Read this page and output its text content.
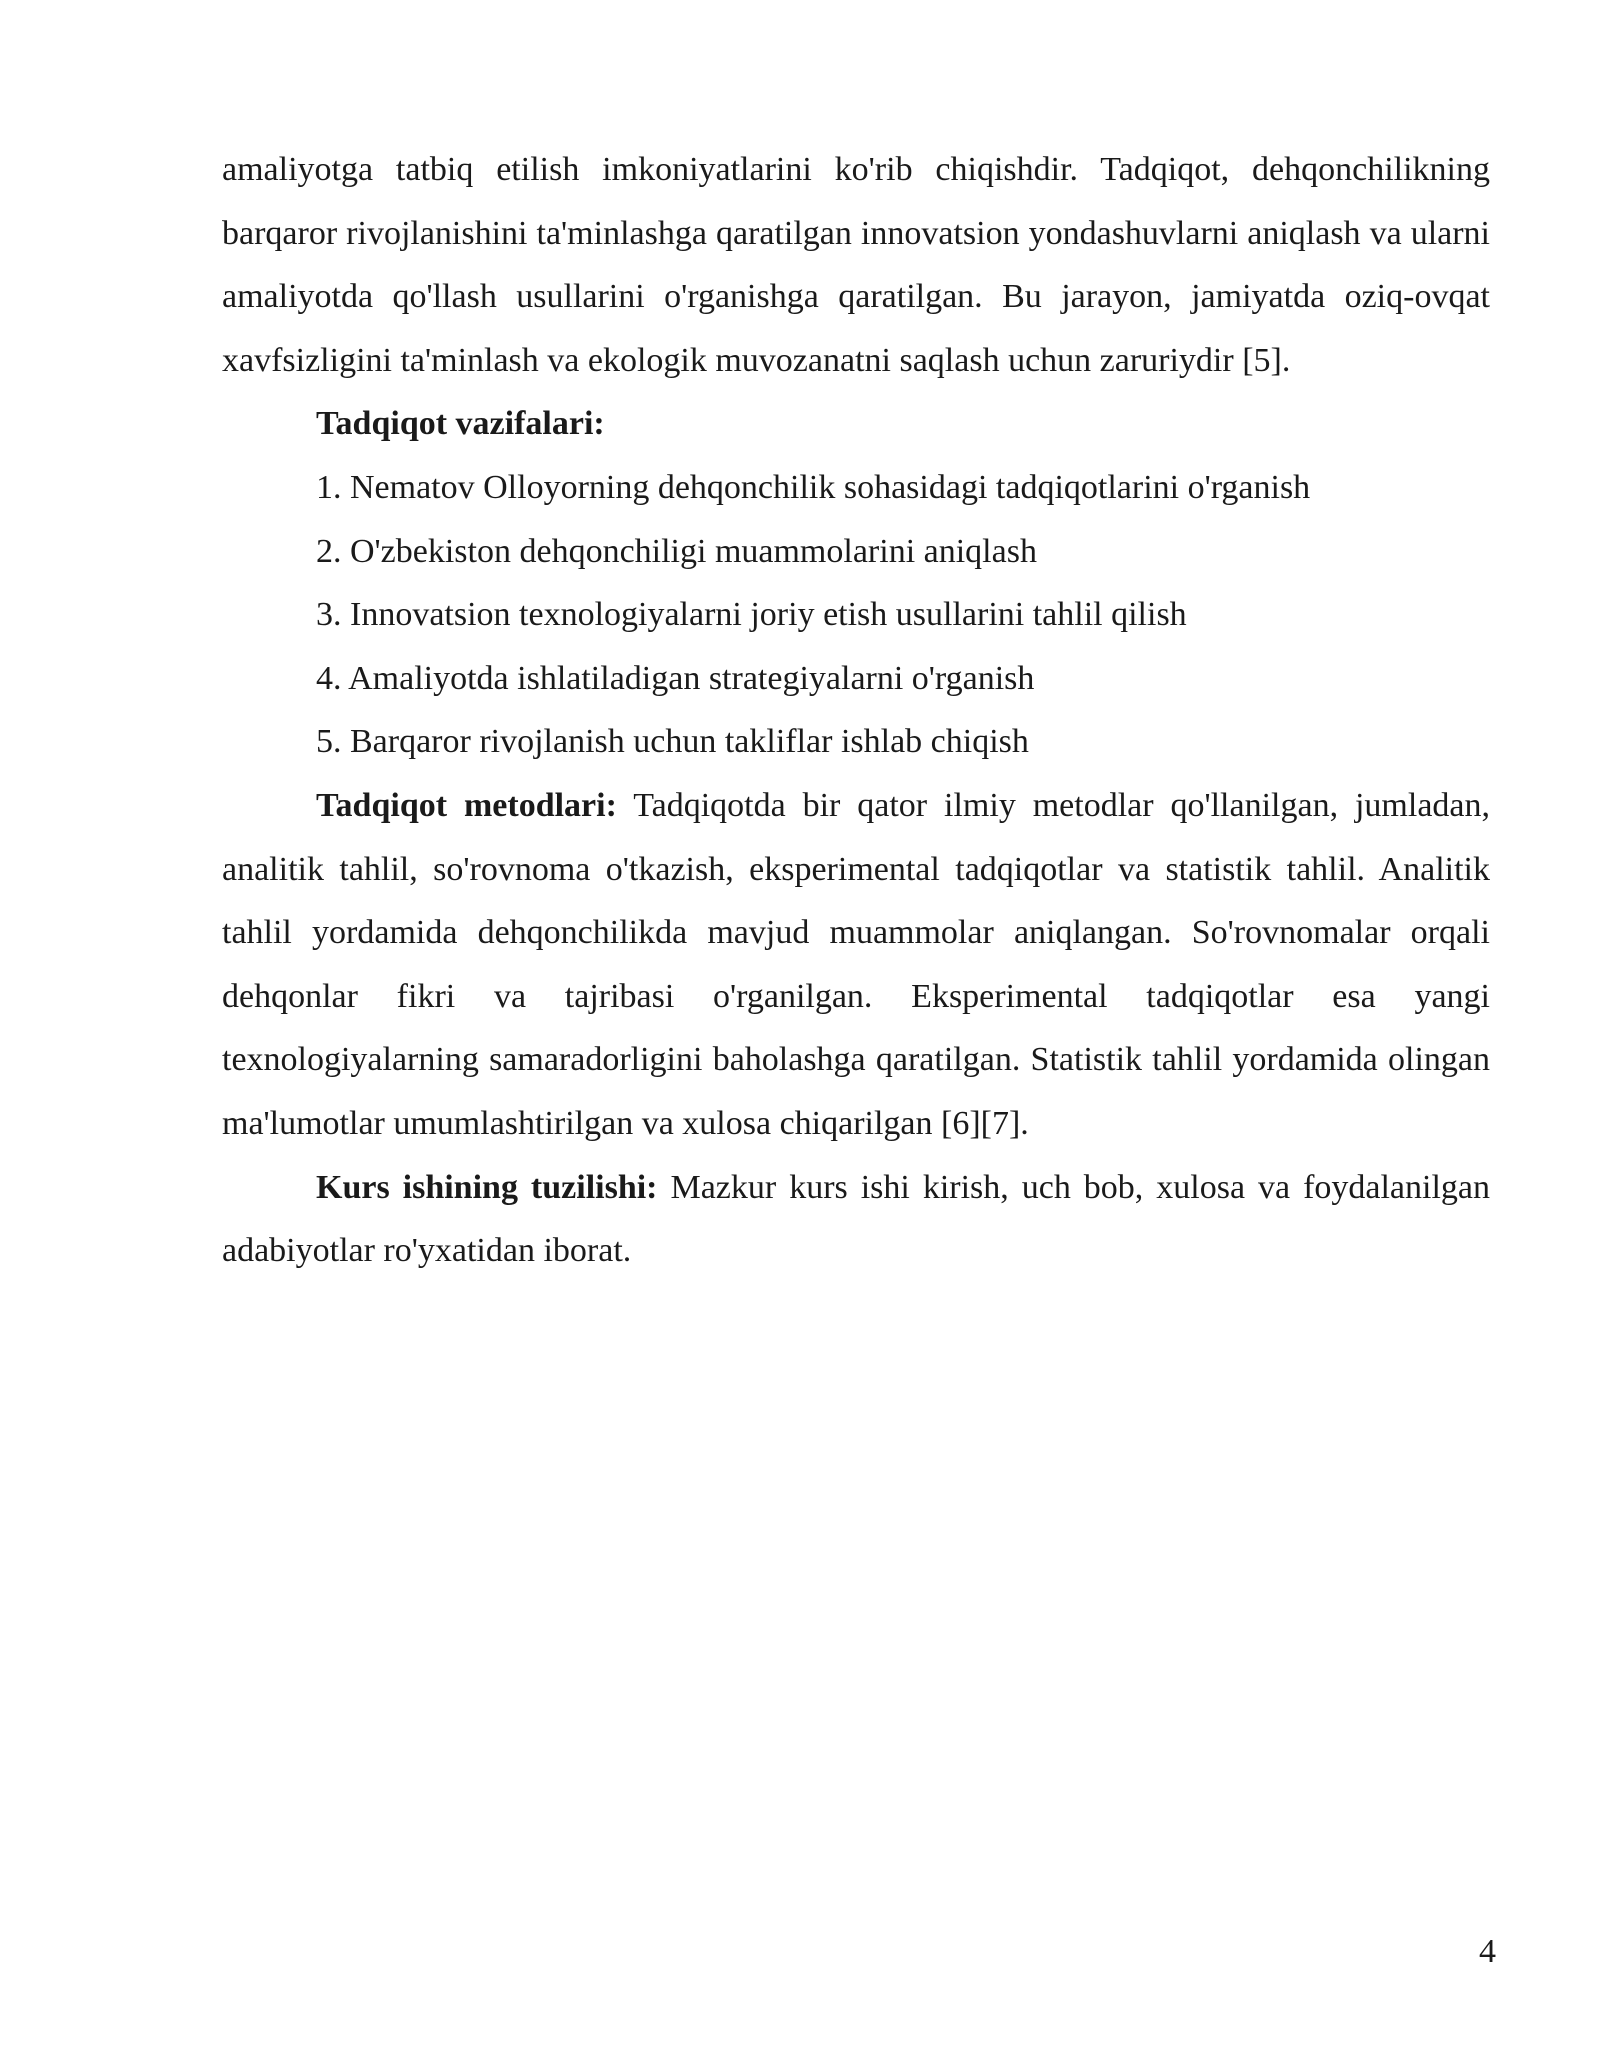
amaliyotga tatbiq etilish imkoniyatlarini ko'rib chiqishdir. Tadqiqot, dehqonchilikning barqaror rivojlanishini ta'minlashga qaratilgan innovatsion yondashuvlarni aniqlash va ularni amaliyotda qo'llash usullarini o'rganishga qaratilgan. Bu jarayon, jamiyatda oziq-ovqat xavfsizligini ta'minlash va ekologik muvozanatni saqlash uchun zaruriydir [5].

Tadqiqot vazifalari:

1. Nematov Olloyorning dehqonchilik sohasidagi tadqiqotlarini o'rganish
2. O'zbekiston dehqonchiligi muammolarini aniqlash
3. Innovatsion texnologiyalarni joriy etish usullarini tahlil qilish
4. Amaliyotda ishlatiladigan strategiyalarni o'rganish
5. Barqaror rivojlanish uchun takliflar ishlab chiqish

Tadqiqot metodlari: Tadqiqotda bir qator ilmiy metodlar qo'llanilgan, jumladan, analitik tahlil, so'rovnoma o'tkazish, eksperimental tadqiqotlar va statistik tahlil. Analitik tahlil yordamida dehqonchilikda mavjud muammolar aniqlangan. So'rovnomalar orqali dehqonlar fikri va tajribasi o'rganilgan. Eksperimental tadqiqotlar esa yangi texnologiyalarning samaradorligini baholashga qaratilgan. Statistik tahlil yordamida olingan ma'lumotlar umumlashtirilgan va xulosa chiqarilgan [6][7].

Kurs ishining tuzilishi: Mazkur kurs ishi kirish, uch bob, xulosa va foydalanilgan adabiyotlar ro'yxatidan iborat.

4
